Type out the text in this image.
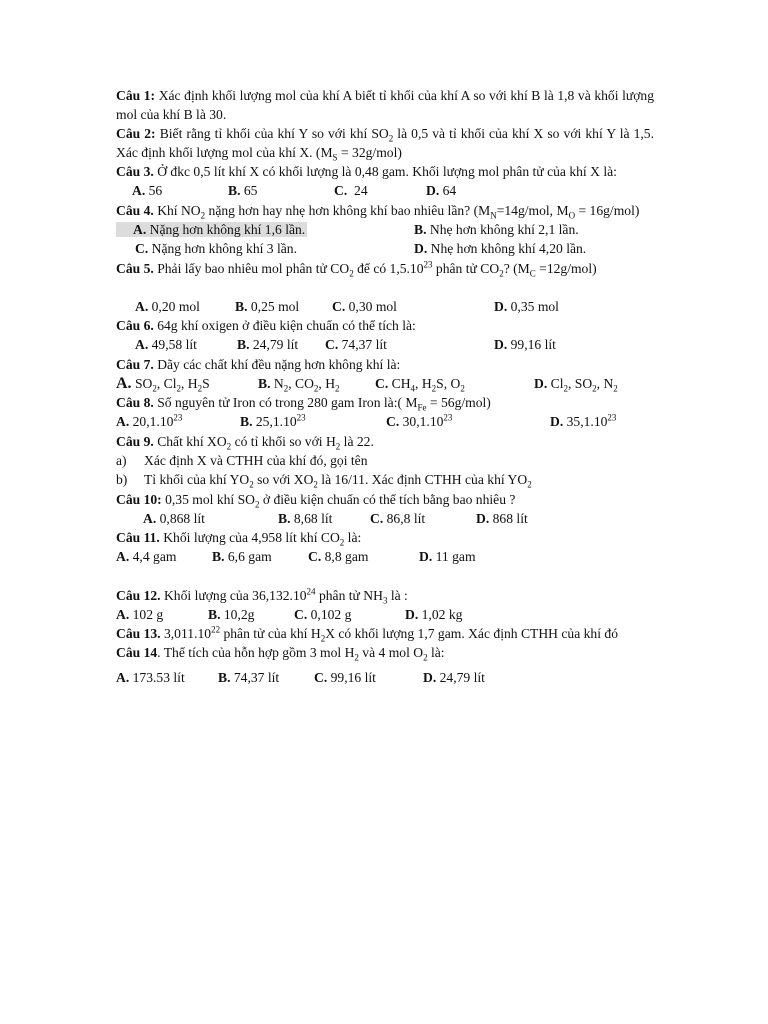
Câu 1: Xác định khối lượng mol của khí A biết tỉ khối của khí A so với khí B là 1,8 và khối lượng mol của khí B là 30.
Câu 2: Biết rằng tỉ khối của khí Y so với khí $SO_2$ là 0,5 và tỉ khối của khí X so với khí Y là 1,5. Xác định khối lượng mol của khí X. $(M_S = 32g/mol)$
Câu 3. Ở đkc 0,5 lít khí X có khối lượng là 0,48 gam. Khối lượng mol phân tử của khí X là:
A. 56	B. 65	C.  24	D. 64
Câu 4. Khí $NO_2$ nặng hơn hay nhẹ hơn không khí bao nhiêu lần? ($M_N=14g$/mol, $M_O = 16g/mol$)
A. Nặng hơn không khí 1,6 lần.	B. Nhẹ hơn không khí 2,1 lần.
C. Nặng hơn không khí 3 lần.	D. Nhẹ hơn không khí 4,20 lần.
Câu 5. Phải lấy bao nhiêu mol phân tử $CO_2$ để có 1,5.10$^{23}$ phân tử $CO_2$? $(M_C =12g/mol)$
A. 0,20 mol	B. 0,25 mol C. 0,30 mol	D. 0,35 mol
Câu 6. 64g khí oxigen ở điều kiện chuẩn có thể tích là:
A. 49,58 lít	B. 24,79 lít C. 74,37 lít	D. 99,16 lít
Câu 7. Dãy các chất khí đều nặng hơn không khí là:
A. $SO_2$, $Cl_2$, $H_2S$	B. $N_2$, $CO_2$, $H_2$	C. $CH_4$, $H_2S$, $O_2$	D. $Cl_2$, $SO_2$, $N_2$
Câu 8. Số nguyên tử Iron có trong 280 gam Iron là:( $M_{Fe} = 56g/mol$)
A. 20,1.10$^{23}$	B. 25,1.10$^{23}$	C. 30,1.10$^{23}$	D. 35,1.10$^{23}$
Câu 9. Chất khí $XO_2$ có tỉ khối so với $H_2$ là 22.
a) Xác định X và CTHH của khí đó, gọi tên
b) Tỉ khối của khí $YO_2$ so với $XO_2$ là 16/11. Xác định CTHH của khí $YO_2$
Câu 10: 0,35 mol khí $SO_2$ ở điều kiện chuẩn có thể tích bằng bao nhiêu ?
A. 0,868 lít	B. 8,68 lít	C. 86,8 lít	D. 868 lít
Câu 11. Khối lượng của 4,958 lít khí $CO_2$ là:
A. 4,4 gam	B. 6,6 gam	C. 8,8 gam	D. 11 gam
Câu 12. Khối lượng của 36,132.10$^{24}$ phân tử $NH_3$ là :
A. 102 g	B. 10,2g	C. 0,102 g	D. 1,02 kg
Câu 13. 3,011.10$^{22}$ phân tử của khí $H_2X$ có khối lượng 1,7 gam. Xác định CTHH của khí đó
Câu 14. Thể tích của hỗn hợp gồm 3 mol $H_2$ và 4 mol $O_2$ là:
A. 173.53 lít B. 74,37 lít	C. 99,16 lít	D. 24,79 lít
